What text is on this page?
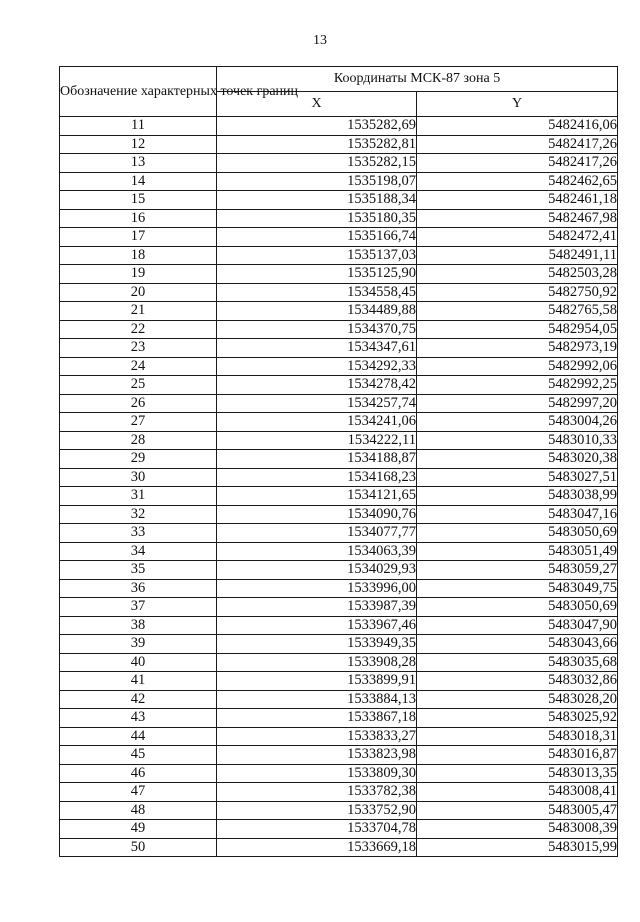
13
Обозначение характерных точек границ	Координаты МСК-87 зона 5	
	X	Y
11	1535282,69	5482416,06
12	1535282,81	5482417,26
13	1535282,15	5482417,26
14	1535198,07	5482462,65
15	1535188,34	5482461,18
16	1535180,35	5482467,98
17	1535166,74	5482472,41
18	1535137,03	5482491,11
19	1535125,90	5482503,28
20	1534558,45	5482750,92
21	1534489,88	5482765,58
22	1534370,75	5482954,05
23	1534347,61	5482973,19
24	1534292,33	5482992,06
25	1534278,42	5482992,25
26	1534257,74	5482997,20
27	1534241,06	5483004,26
28	1534222,11	5483010,33
29	1534188,87	5483020,38
30	1534168,23	5483027,51
31	1534121,65	5483038,99
32	1534090,76	5483047,16
33	1534077,77	5483050,69
34	1534063,39	5483051,49
35	1534029,93	5483059,27
36	1533996,00	5483049,75
37	1533987,39	5483050,69
38	1533967,46	5483047,90
39	1533949,35	5483043,66
40	1533908,28	5483035,68
41	1533899,91	5483032,86
42	1533884,13	5483028,20
43	1533867,18	5483025,92
44	1533833,27	5483018,31
45	1533823,98	5483016,87
46	1533809,30	5483013,35
47	1533782,38	5483008,41
48	1533752,90	5483005,47
49	1533704,78	5483008,39
50	1533669,18	5483015,99
